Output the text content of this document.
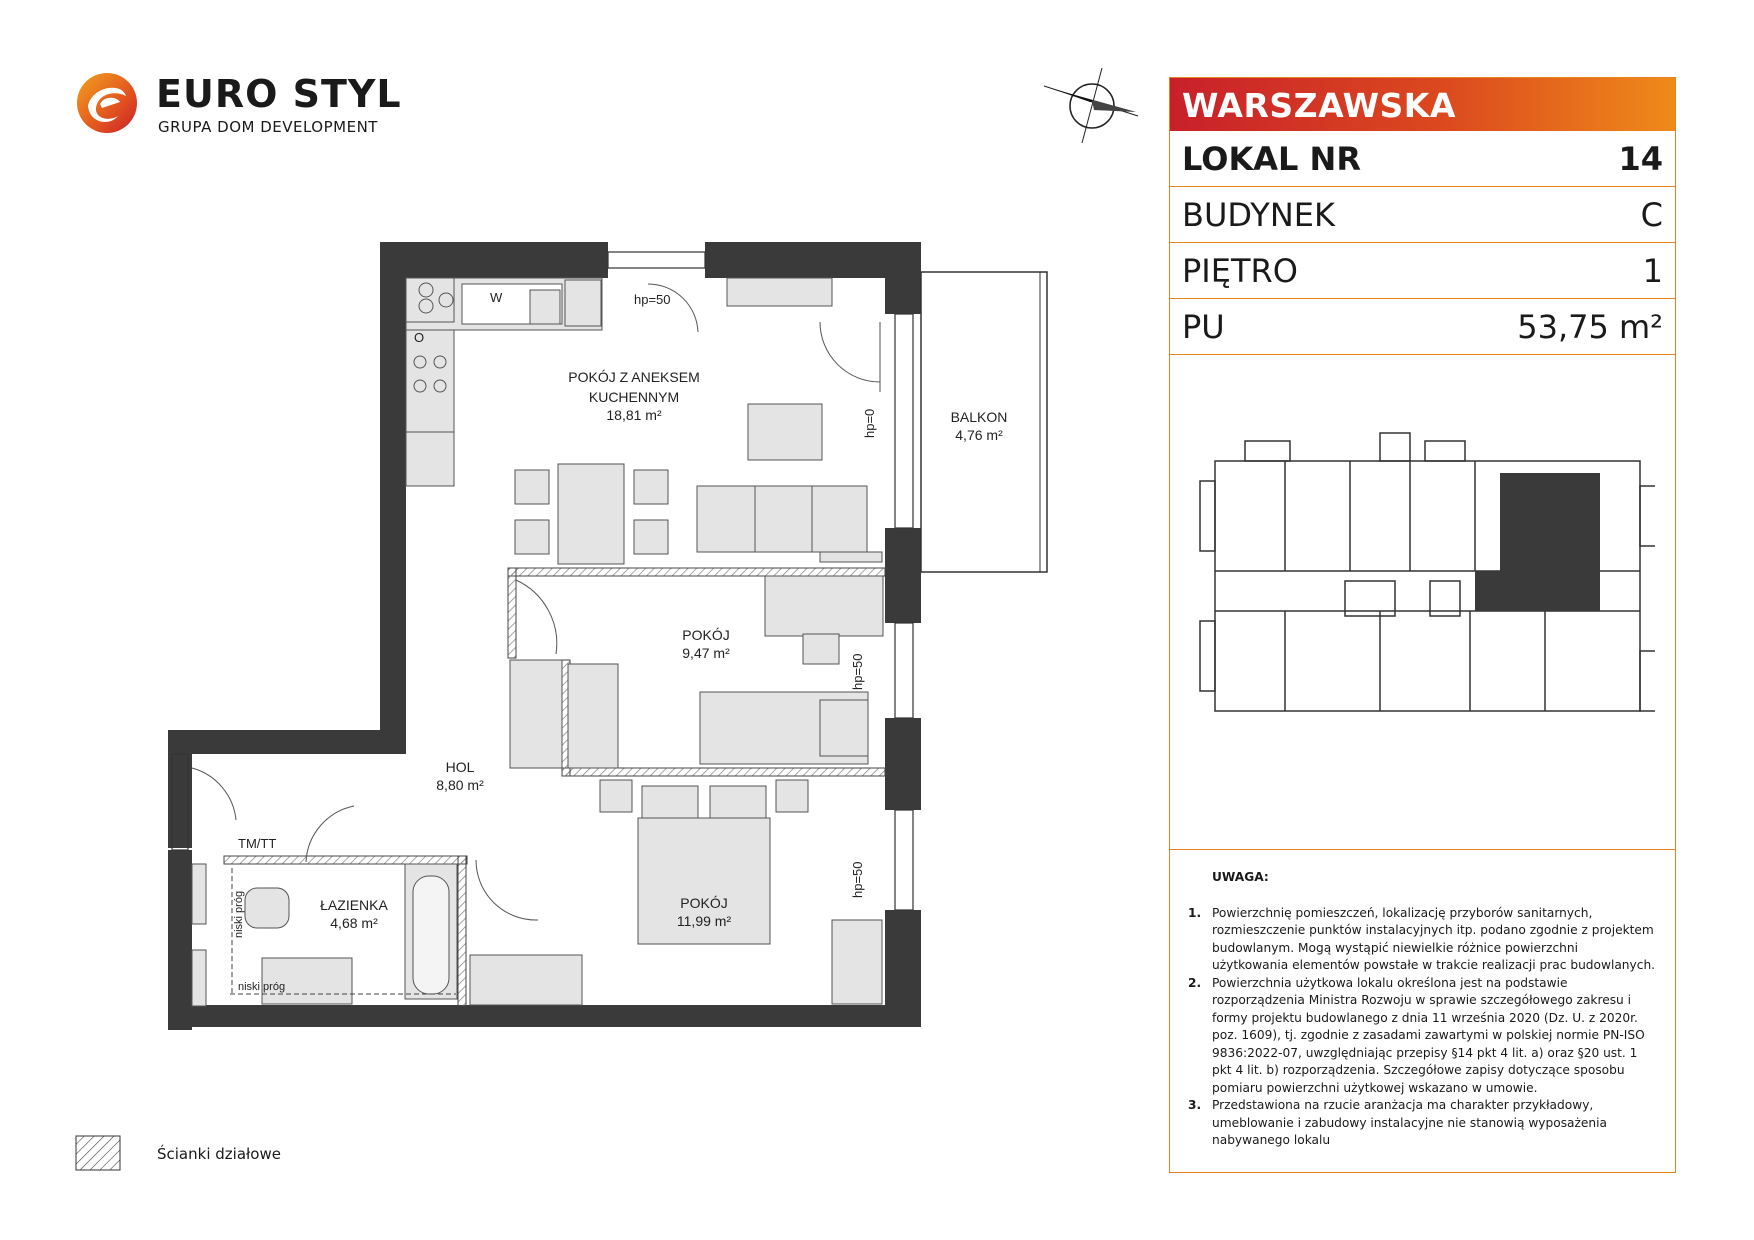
EURO STYL
GRUPA DOM DEVELOPMENT
POKÓJ Z ANEKSEM
KUCHENNYM
18,81 m²	BALKON
4,76 m²
POKÓJ
9,47 m²
HOL
8,80 m²
ŁAZIENKA
4,68 m²
POKÓJ
11,99 m²
hp=50
hp=0
hp=50
hp=50
W
O
TM/TT
niski próg
niski próg
Ścianki działowe
WARSZAWSKA
LOKAL NR	14
BUDYNEK	C
PIĘTRO	1
PU	53,75 m²
UWAGA:
1. Powierzchnię pomieszczeń, lokalizację przyborów sanitarnych, rozmieszczenie punktów instalacyjnych itp. podano zgodnie z projektem budowlanym. Mogą wystąpić niewielkie różnice powierzchni użytkowania elementów powstałe w trakcie realizacji prac budowlanych.
2. Powierzchnia użytkowa lokalu określona jest na podstawie rozporządzenia Ministra Rozwoju w sprawie szczegółowego zakresu i formy projektu budowlanego z dnia 11 września 2020 (Dz. U. z 2020r. poz. 1609), tj. zgodnie z zasadami zawartymi w polskiej normie PN-ISO 9836:2022-07, uwzględniając przepisy §14 pkt 4 lit. a) oraz §20 ust. 1 pkt 4 lit. b) rozporządzenia. Szczegółowe zapisy dotyczące sposobu pomiaru powierzchni użytkowej wskazano w umowie.
3. Przedstawiona na rzucie aranżacja ma charakter przykładowy, umeblowanie i zabudowy instalacyjne nie stanowią wyposażenia nabywanego lokalu
